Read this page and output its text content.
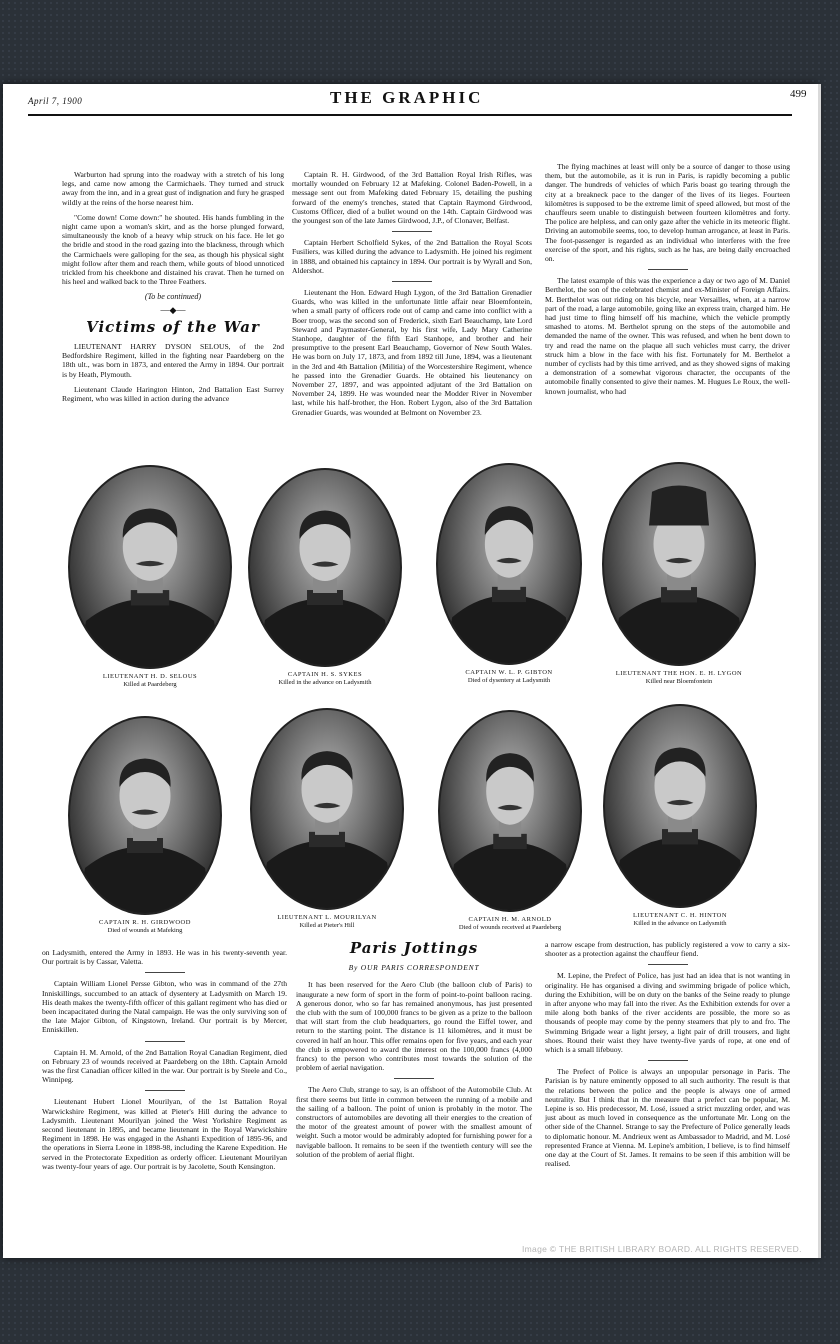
April 7, 1900	THE GRAPHIC	499

Warburton had sprung into the roadway with a stretch of his long legs, and came now among the Carmichaels. They turned and struck away from the inn, and in a great gust of indignation and fury he grasped wildly at the reins of the horse nearest him.

"Come down! Come down:" he shouted. His hands fumbling in the night came upon a woman's skirt, and as the horse plunged forward, simultaneously the knob of a heavy whip struck on his face. He let go the bridle and stood in the road gazing into the blackness, through which the Carmichaels were galloping for the sea, as though his physical sight might follow after them and reach them, while gouts of blood unnoticed trickled from his cheekbone and distained his cravat. Then he turned on his heel and walked back to the Three Feathers.

(To be continued)
—◆—
Victims of the War

LIEUTENANT HARRY DYSON SELOUS, of the 2nd Bedfordshire Regiment, killed in the fighting near Paardeberg on the 18th ult., was born in 1873, and entered the Army in 1894. Our portrait is by Heath, Plymouth.

Lieutenant Claude Harington Hinton, 2nd Battalion East Surrey Regiment, who was killed in action during the advance

Captain R. H. Girdwood, of the 3rd Battalion Royal Irish Rifles, was mortally wounded on February 12 at Mafeking. Colonel Baden-Powell, in a message sent out from Mafeking dated February 15, detailing the pushing forward of the enemy's trenches, stated that Captain Raymond Girdwood, Customs Officer, died of a bullet wound on the 14th. Captain Girdwood was the youngest son of the late James Girdwood, J.P., of Clonaver, Belfast.

Captain Herbert Scholfield Sykes, of the 2nd Battalion the Royal Scots Fusiliers, was killed during the advance to Ladysmith. He joined his regiment in 1888, and obtained his captaincy in 1894. Our portrait is by Wyrall and Son, Aldershot.

Lieutenant the Hon. Edward Hugh Lygon, of the 3rd Battalion Grenadier Guards, who was killed in the unfortunate little affair near Bloemfontein, when a small party of officers rode out of camp and came into conflict with a Boer troop, was the second son of Frederick, sixth Earl Beauchamp, late Lord Steward and Paymaster-General, by his first wife, Lady Mary Catherine Stanhope, daughter of the fifth Earl Stanhope, and brother and heir presumptive to the present Earl Beauchamp, Governor of New South Wales. He was born on July 17, 1873, and from 1892 till June, 1894, was a lieutenant in the 3rd and 4th Battalion (Militia) of the Worcestershire Regiment, whence he passed into the Grenadier Guards. He obtained his lieutenancy on November 27, 1897, and was appointed adjutant of the 3rd Battalion on November 24, 1899. He was wounded near the Modder River in November last, while his half-brother, the Hon. Robert Lygon, also of the 3rd Battalion Grenadier Guards, was wounded at Belmont on November 23.

The flying machines at least will only be a source of danger to those using them, but the automobile, as it is run in Paris, is rapidly becoming a public danger. The hundreds of vehicles of which Paris boast go tearing through the city at a breakneck pace to the danger of the lives of its lieges. Fourteen kilomètres is supposed to be the extreme limit of speed allowed, but most of the chauffeurs seem unable to distinguish between fourteen kilomètres and forty. The police are helpless, and can only gaze after the vehicle in its meteoric flight. Driving an automobile seems, too, to develop human arrogance, at least in Paris. The foot-passenger is regarded as an individual who interferes with the free exercise of the sport, and his rights, such as he has, are being daily encroached on.

The latest example of this was the experience a day or two ago of M. Daniel Berthelot, the son of the celebrated chemist and ex-Minister of Foreign Affairs. M. Berthelot was out riding on his bicycle, near Versailles, when, at a narrow part of the road, a large automobile, going like an express train, charged him. He had just time to fling himself off his machine, which the vehicle promptly smashed to atoms. M. Berthelot sprung on the steps of the automobile and demanded the name of the owner. This was refused, and when he bent down to try and read the name on the plaque all such vehicles must carry, the driver struck him a blow in the face with his fist. Fortunately for M. Berthelot a number of cyclists had by this time arrived, and as they showed signs of making a demonstration of a somewhat vigorous character, the occupants of the automobile finally consented to give their names. M. Hugues Le Roux, the well-known journalist, who had

LIEUTENANT H. D. SELOUS
Killed at Paardeberg
CAPTAIN H. S. SYKES
Killed in the advance on Ladysmith
CAPTAIN W. L. P. GIBTON
Died of dysentery at Ladysmith
LIEUTENANT THE HON. E. H. LYGON
Killed near Bloemfontein
CAPTAIN R. H. GIRDWOOD
Died of wounds at Mafeking
LIEUTENANT L. MOURILYAN
Killed at Pieter's Hill
CAPTAIN H. M. ARNOLD
Died of wounds received at Paardeberg
LIEUTENANT C. H. HINTON
Killed in the advance on Ladysmith

on Ladysmith, entered the Army in 1893. He was in his twenty-seventh year. Our portrait is by Cassar, Valetta.

Captain William Lionel Persse Gibton, who was in command of the 27th Inniskillings, succumbed to an attack of dysentery at Ladysmith on March 19. His death makes the twenty-fifth officer of this gallant regiment who has died or been incapacitated during the Natal campaign. He was the only surviving son of the late Major Gibton, of Kingstown, Ireland. Our portrait is by Mercer, Enniskillen.

Captain H. M. Arnold, of the 2nd Battalion Royal Canadian Regiment, died on February 23 of wounds received at Paardeberg on the 18th. Captain Arnold was the first Canadian officer killed in the war. Our portrait is by Steele and Co., Winnipeg.

Lieutenant Hubert Lionel Mourilyan, of the 1st Battalion Royal Warwickshire Regiment, was killed at Pieter's Hill during the advance to Ladysmith. Lieutenant Mourilyan joined the West Yorkshire Regiment as second lieutenant in 1895, and became lieutenant in the Royal Warwickshire Regiment in 1898. He was engaged in the Ashanti Expedition of 1895-96, and the operations in Sierra Leone in 1898-98, including the Karene Expedition. He served in the Protectorate Expedition as orderly officer. Lieutenant Mourilyan was twenty-four years of age. Our portrait is by Jacolette, South Kensington.

Paris Jottings
By OUR PARIS CORRESPONDENT

It has been reserved for the Aero Club (the balloon club of Paris) to inaugurate a new form of sport in the form of point-to-point balloon racing. A generous donor, who so far has remained anonymous, has just presented the club with the sum of 100,000 francs to be given as a prize to the balloon that will start from the club headquarters, go round the Eiffel tower, and return to the starting point. The distance is 11 kilomètres, and it must be covered in half an hour. This offer remains open for five years, and each year the club is empowered to award the interest on the 100,000 francs (4,000 francs) to the person who contributes most towards the solution of the problem of aerial navigation.

The Aero Club, strange to say, is an offshoot of the Automobile Club. At first there seems but little in common between the running of a mobile and the sailing of a balloon. The point of union is probably in the motor. The constructors of automobiles are devoting all their energies to the creation of the motor of the greatest amount of power with the smallest amount of weight. Such a motor would be admirably adopted for furnishing power for a navigable balloon. It remains to be seen if the twentieth century will see the solution of the problem of aerial flight.

a narrow escape from destruction, has publicly registered a vow to carry a six-shooter as a protection against the chauffeur fiend.

M. Lepine, the Prefect of Police, has just had an idea that is not wanting in originality. He has organised a diving and swimming brigade of police which, during the Exhibition, will be on duty on the banks of the Seine ready to plunge in after anyone who may fall into the river. As the Exhibition extends for over a mile along both banks of the river accidents are possible, the more so as thousands of people may come by the penny steamers that ply to and fro. The Swimming Brigade wear a light jersey, a light pair of drill trousers, and light shoes. Round their waist they have twenty-five yards of rope, at one end of which is a small lifebuoy.

The Prefect of Police is always an unpopular personage in Paris. The Parisian is by nature eminently opposed to all such authority. The result is that the relations between the police and the people is always one of armed neutrality. But I think that in the measure that a prefect can be popular, M. Lepine is so. His predecessor, M. Losé, issued a strict muzzling order, and was just about as much loved in consequence as the unfortunate Mr. Long on the other side of the Channel. Strange to say the Prefecture of Police generally leads to diplomatic honour. M. Andrieux went as Ambassador to Madrid, and M. Losé represented France at Vienna. M. Lepine's ambition, I believe, is to find himself one day at the Court of St. James. It remains to be seen if this ambition will be realised.

Image © THE BRITISH LIBRARY BOARD. ALL RIGHTS RESERVED.
